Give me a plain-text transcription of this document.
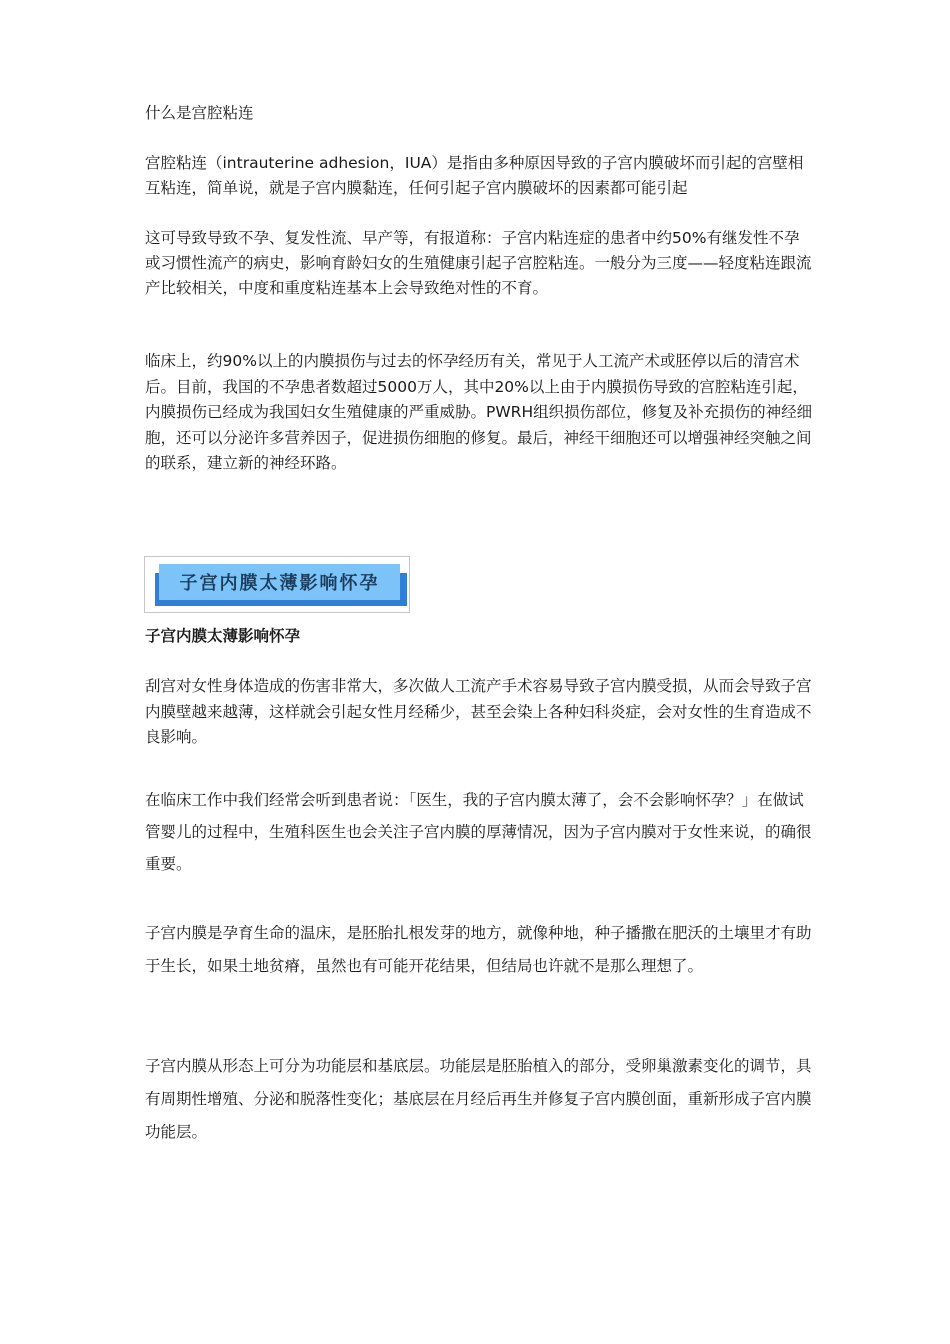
什么是宫腔粘连

宫腔粘连（intrauterine adhesion，IUA）是指由多种原因导致的子宫内膜破坏而引起的宫壁相互粘连，简单说，就是子宫内膜黏连，任何引起子宫内膜破坏的因素都可能引起

这可导致导致不孕、复发性流、早产等，有报道称：子宫内粘连症的患者中约50%有继发性不孕或习惯性流产的病史，影响育龄妇女的生殖健康引起子宫腔粘连。一般分为三度——轻度粘连跟流产比较相关，中度和重度粘连基本上会导致绝对性的不育。

临床上，约90%以上的内膜损伤与过去的怀孕经历有关，常见于人工流产术或胚停以后的清宫术后。目前，我国的不孕患者数超过5000万人，其中20%以上由于内膜损伤导致的宫腔粘连引起，内膜损伤已经成为我国妇女生殖健康的严重威胁。PWRH组织损伤部位，修复及补充损伤的神经细胞，还可以分泌许多营养因子，促进损伤细胞的修复。最后，神经干细胞还可以增强神经突触之间的联系，建立新的神经环路。

子宫内膜太薄影响怀孕

子宫内膜太薄影响怀孕

刮宫对女性身体造成的伤害非常大，多次做人工流产手术容易导致子宫内膜受损，从而会导致子宫内膜壁越来越薄，这样就会引起女性月经稀少，甚至会染上各种妇科炎症，会对女性的生育造成不良影响。

在临床工作中我们经常会听到患者说：「医生，我的子宫内膜太薄了，会不会影响怀孕？」在做试管婴儿的过程中，生殖科医生也会关注子宫内膜的厚薄情况，因为子宫内膜对于女性来说，的确很重要。

子宫内膜是孕育生命的温床，是胚胎扎根发芽的地方，就像种地，种子播撒在肥沃的土壤里才有助于生长，如果土地贫瘠，虽然也有可能开花结果，但结局也许就不是那么理想了。

子宫内膜从形态上可分为功能层和基底层。功能层是胚胎植入的部分，受卵巢激素变化的调节，具有周期性增殖、分泌和脱落性变化；基底层在月经后再生并修复子宫内膜创面，重新形成子宫内膜功能层。
